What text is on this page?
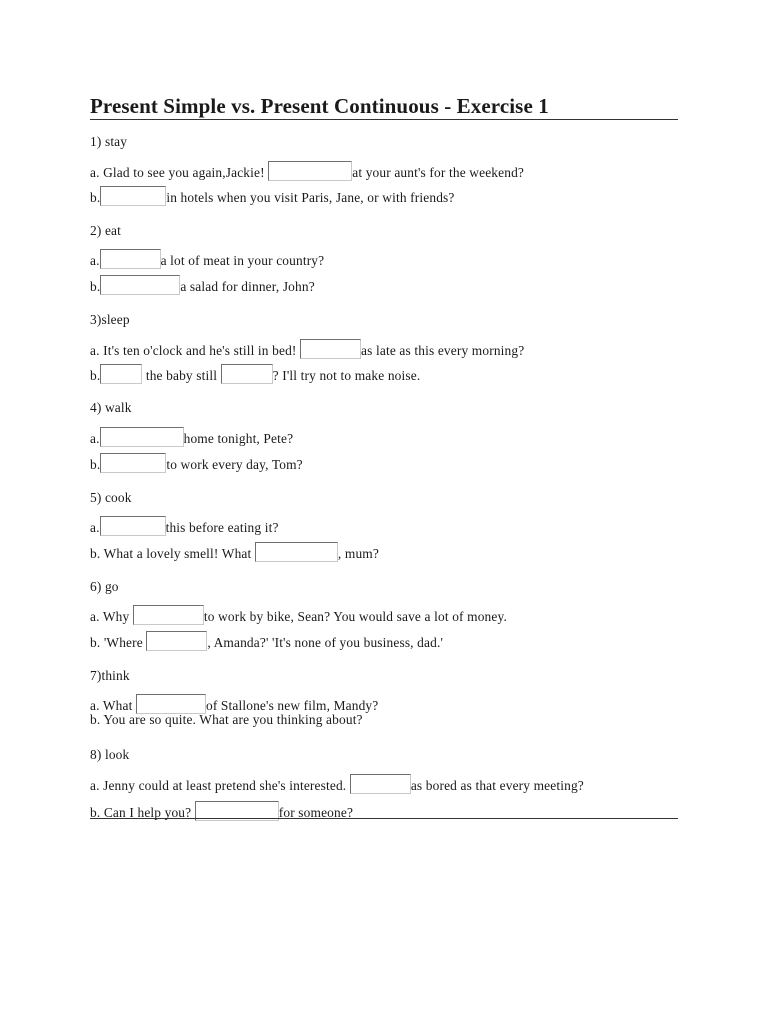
Present Simple vs. Present Continuous - Exercise 1
1) stay
a. Glad to see you again,Jackie!	at your aunt's for the weekend?
b.	in hotels when you visit Paris, Jane, or with friends?
2) eat
a.	a lot of meat in your country?
b.	a salad for dinner, John?
3)sleep
a. It's ten o'clock and he's still in bed!	as late as this every morning?
b.	the baby still	? I'll try not to make noise.
4) walk
a.	home tonight, Pete?
b.	to work every day, Tom?
5) cook
a.	this before eating it?
b. What a lovely smell! What	, mum?
6) go
a. Why	to work by bike, Sean? You would save a lot of money.
b. 'Where	, Amanda?' 'It's none of you business, dad.'
7)think
a. What	of Stallone's new film, Mandy?
b. You are so quite. What are you thinking about?
8) look
a. Jenny could at least pretend she's interested.	as bored as that every meeting?
b. Can I help you?	for someone?
